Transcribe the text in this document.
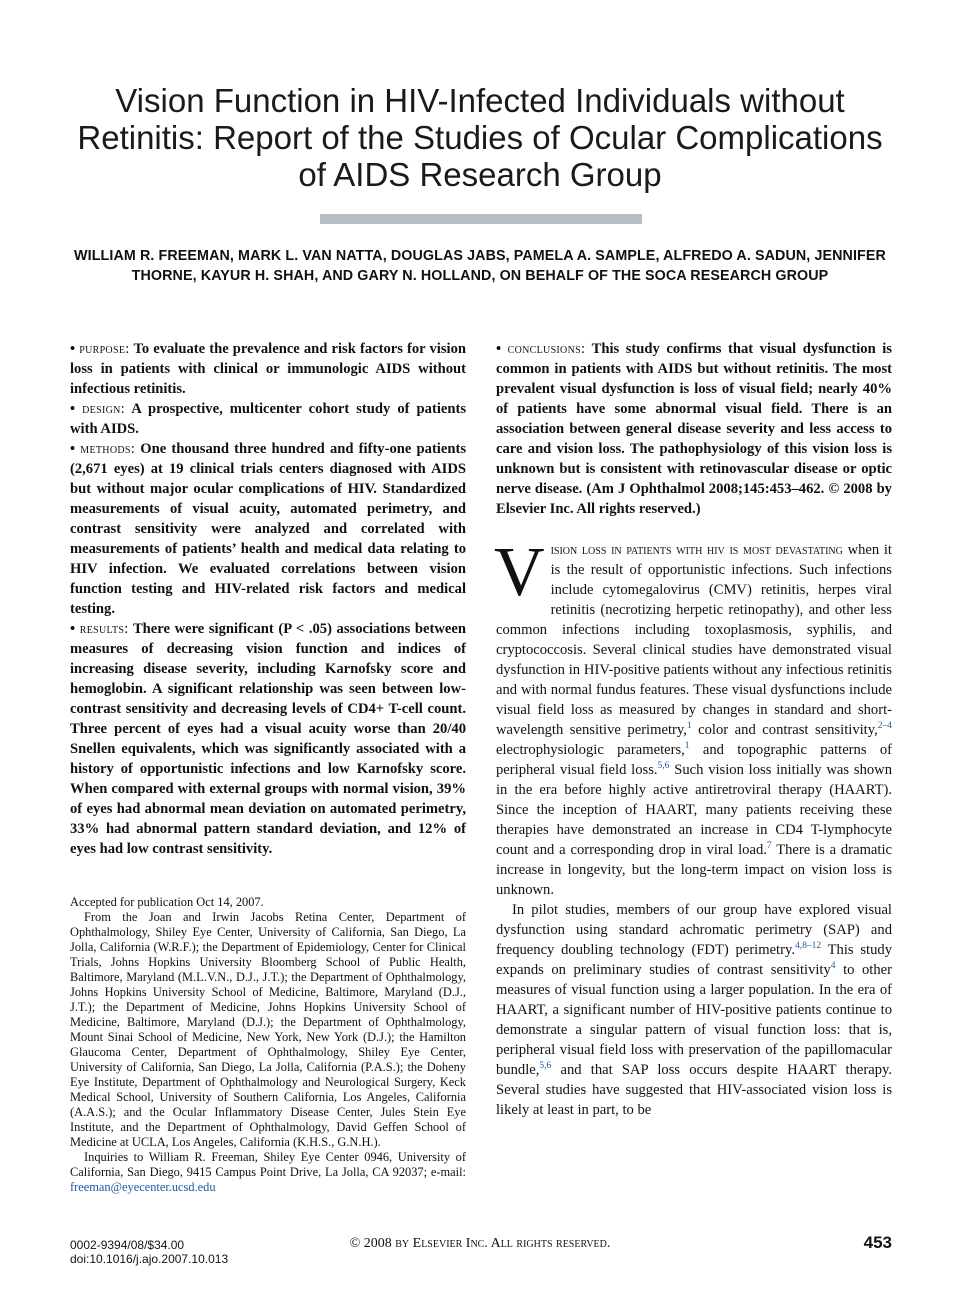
Vision Function in HIV-Infected Individuals without Retinitis: Report of the Studies of Ocular Complications of AIDS Research Group
WILLIAM R. FREEMAN, MARK L. VAN NATTA, DOUGLAS JABS, PAMELA A. SAMPLE, ALFREDO A. SADUN, JENNIFER THORNE, KAYUR H. SHAH, AND GARY N. HOLLAND, ON BEHALF OF THE SOCA RESEARCH GROUP

• purpose: To evaluate the prevalence and risk factors for vision loss in patients with clinical or immunologic AIDS without infectious retinitis.

• design: A prospective, multicenter cohort study of patients with AIDS.

• methods: One thousand three hundred and fifty-one patients (2,671 eyes) at 19 clinical trials centers diagnosed with AIDS but without major ocular complications of HIV. Standardized measurements of visual acuity, automated perimetry, and contrast sensitivity were analyzed and correlated with measurements of patients’ health and medical data relating to HIV infection. We evaluated correlations between vision function testing and HIV-related risk factors and medical testing.

• results: There were significant (P < .05) associations between measures of decreasing vision function and indices of increasing disease severity, including Karnofsky score and hemoglobin. A significant relationship was seen between low-contrast sensitivity and decreasing levels of CD4+ T-cell count. Three percent of eyes had a visual acuity worse than 20/40 Snellen equivalents, which was significantly associated with a history of opportunistic infections and low Karnofsky score. When compared with external groups with normal vision, 39% of eyes had abnormal mean deviation on automated perimetry, 33% had abnormal pattern standard deviation, and 12% of eyes had low contrast sensitivity.

Accepted for publication Oct 14, 2007.

From the Joan and Irwin Jacobs Retina Center, Department of Ophthalmology, Shiley Eye Center, University of California, San Diego, La Jolla, California (W.R.F.); the Department of Epidemiology, Center for Clinical Trials, Johns Hopkins University Bloomberg School of Public Health, Baltimore, Maryland (M.L.V.N., D.J., J.T.); the Department of Ophthalmology, Johns Hopkins University School of Medicine, Baltimore, Maryland (D.J., J.T.); the Department of Medicine, Johns Hopkins University School of Medicine, Baltimore, Maryland (D.J.); the Department of Ophthalmology, Mount Sinai School of Medicine, New York, New York (D.J.); the Hamilton Glaucoma Center, Department of Ophthalmology, Shiley Eye Center, University of California, San Diego, La Jolla, California (P.A.S.); the Doheny Eye Institute, Department of Ophthalmology and Neurological Surgery, Keck Medical School, University of Southern California, Los Angeles, California (A.A.S.); and the Ocular Inflammatory Disease Center, Jules Stein Eye Institute, and the Department of Ophthalmology, David Geffen School of Medicine at UCLA, Los Angeles, California (K.H.S., G.N.H.).

Inquiries to William R. Freeman, Shiley Eye Center 0946, University of California, San Diego, 9415 Campus Point Drive, La Jolla, CA 92037; e-mail: freeman@eyecenter.ucsd.edu

• conclusions: This study confirms that visual dysfunction is common in patients with AIDS but without retinitis. The most prevalent visual dysfunction is loss of visual field; nearly 40% of patients have some abnormal visual field. There is an association between general disease severity and less access to care and vision loss. The pathophysiology of this vision loss is unknown but is consistent with retinovascular disease or optic nerve disease. (Am J Ophthalmol 2008;145:453–462. © 2008 by Elsevier Inc. All rights reserved.)

Vision loss in patients with hiv is most devastating when it is the result of opportunistic infections. Such infections include cytomegalovirus (CMV) retinitis, herpes viral retinitis (necrotizing herpetic retinopathy), and other less common infections including toxoplasmosis, syphilis, and cryptococcosis. Several clinical studies have demonstrated visual dysfunction in HIV-positive patients without any infectious retinitis and with normal fundus features. These visual dysfunctions include visual field loss as measured by changes in standard and short-wavelength sensitive perimetry,$^1$ color and contrast sensitivity,$^{2-4}$ electrophysiologic parameters,$^1$ and topographic patterns of peripheral visual field loss.$^{5,6}$ Such vision loss initially was shown in the era before highly active antiretroviral therapy (HAART). Since the inception of HAART, many patients receiving these therapies have demonstrated an increase in CD4 T-lymphocyte count and a corresponding drop in viral load.$^7$ There is a dramatic increase in longevity, but the long-term impact on vision loss is unknown.

In pilot studies, members of our group have explored visual dysfunction using standard achromatic perimetry (SAP) and frequency doubling technology (FDT) perimetry.$^{4,8-12}$ This study expands on preliminary studies of contrast sensitivity$^4$ to other measures of visual function using a larger population. In the era of HAART, a significant number of HIV-positive patients continue to demonstrate a singular pattern of visual function loss: that is, peripheral visual field loss with preservation of the papillomacular bundle,$^{5,6}$ and that SAP loss occurs despite HAART therapy. Several studies have suggested that HIV-associated vision loss is likely at least in part, to be

0002-9394/08/$34.00
doi:10.1016/j.ajo.2007.10.013
© 2008 by Elsevier Inc. All rights reserved.	453
